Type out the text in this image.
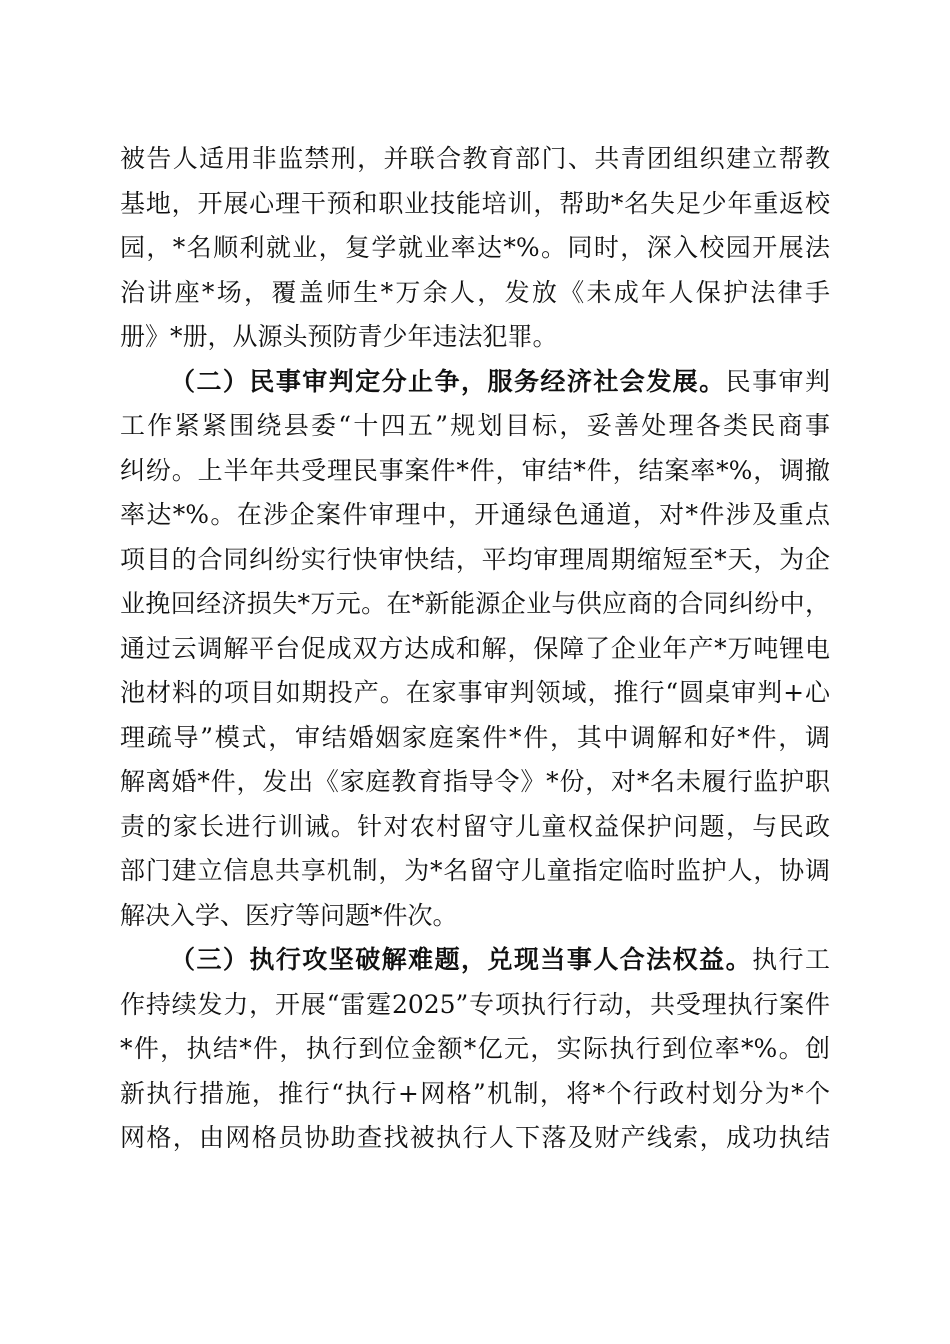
被告人适用非监禁刑，并联合教育部门、共青团组织建立帮教
基地，开展心理干预和职业技能培训，帮助*名失足少年重返校
园，*名顺利就业，复学就业率达*%。同时，深入校园开展法
治讲座*场，覆盖师生*万余人，发放《未成年人保护法律手
册》*册，从源头预防青少年违法犯罪。
（二）民事审判定分止争，服务经济社会发展。民事审判
工作紧紧围绕县委“十四五”规划目标，妥善处理各类民商事
纠纷。上半年共受理民事案件*件，审结*件，结案率*%，调撤
率达*%。在涉企案件审理中，开通绿色通道，对*件涉及重点
项目的合同纠纷实行快审快结，平均审理周期缩短至*天，为企
业挽回经济损失*万元。在*新能源企业与供应商的合同纠纷中，
通过云调解平台促成双方达成和解，保障了企业年产*万吨锂电
池材料的项目如期投产。在家事审判领域，推行“圆桌审判+心
理疏导”模式，审结婚姻家庭案件*件，其中调解和好*件，调
解离婚*件，发出《家庭教育指导令》*份，对*名未履行监护职
责的家长进行训诫。针对农村留守儿童权益保护问题，与民政
部门建立信息共享机制，为*名留守儿童指定临时监护人，协调
解决入学、医疗等问题*件次。
（三）执行攻坚破解难题，兑现当事人合法权益。执行工
作持续发力，开展“雷霆2025”专项执行行动，共受理执行案件
*件，执结*件，执行到位金额*亿元，实际执行到位率*%。创
新执行措施，推行“执行+网格”机制，将*个行政村划分为*个
网格，由网格员协助查找被执行人下落及财产线索，成功执结
